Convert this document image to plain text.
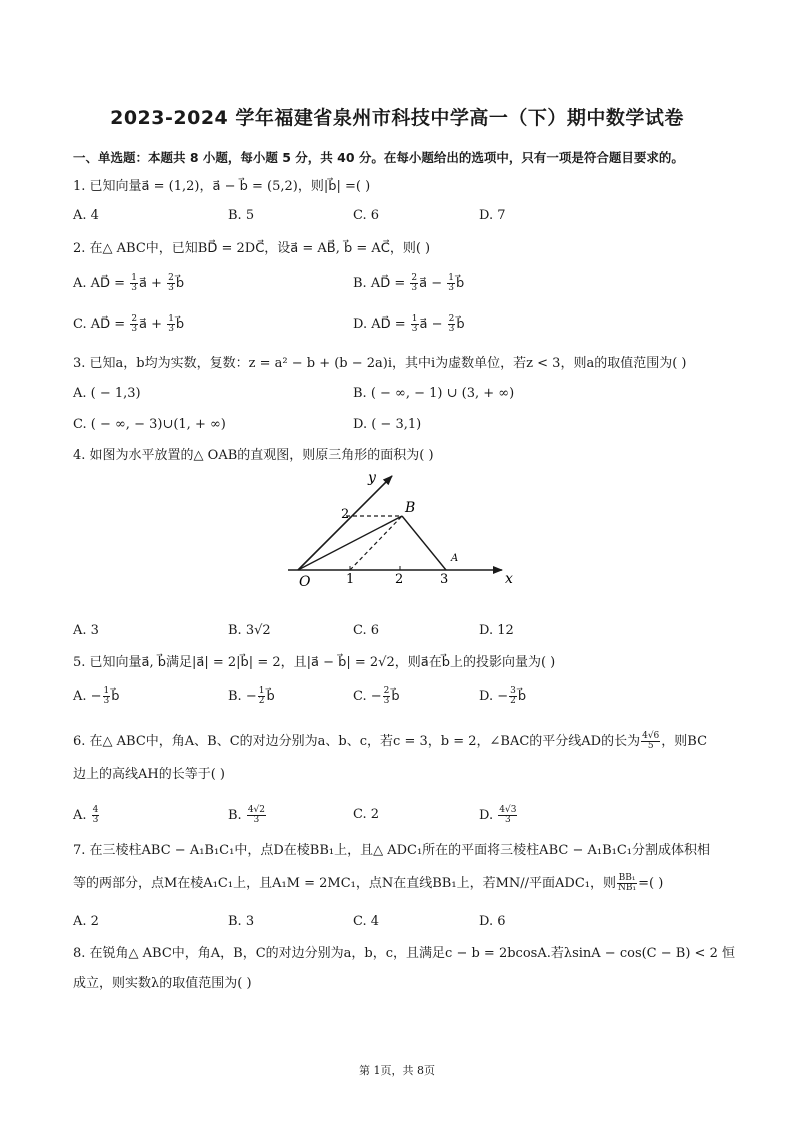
2023-2024 学年福建省泉州市科技中学高一（下）期中数学试卷
一、单选题：本题共 8 小题，每小题 5 分，共 40 分。在每小题给出的选项中，只有一项是符合题目要求的。
1. 已知向量a⃗ = (1,2)，a⃗ − b⃗ = (5,2)，则|b⃗| =( )
A. 4	B. 5	C. 6	D. 7
2. 在△ ABC中，已知BD⃗ = 2DC⃗，设a⃗ = AB⃗, b⃗ = AC⃗，则( )
A. AD⃗ = $\frac{1}{3}$ a⃗ + $\frac{2}{3}$ b⃗	B. AD⃗ = $\frac{2}{3}$ a⃗ − $\frac{1}{3}$ b⃗
C. AD⃗ = $\frac{2}{3}$ a⃗ + $\frac{1}{3}$ b⃗	D. AD⃗ = $\frac{1}{3}$ a⃗ − $\frac{2}{3}$ b⃗
3. 已知a，b均为实数，复数：z = a² − b + (b − 2a)i，其中i为虚数单位，若z < 3，则a的取值范围为( )
A. ( − 1,3)	B. ( − ∞, − 1) ∪ (3, + ∞)
C. ( − ∞, − 3)∪(1, + ∞)	D. ( − 3,1)
4. 如图为水平放置的△ OAB的直观图，则原三角形的面积为( )
x
y
O	1	2	3
2	B
A
A. 3	B. 3√2	C. 6	D. 12
5. 已知向量a⃗, b⃗满足|a⃗| = 2|b⃗| = 2，且|a⃗ − b⃗| = 2√2，则a⃗在b⃗上的投影向量为( )
A. − $\frac{1}{3}$ b⃗	B. − $\frac{1}{2}$ b⃗	C. − $\frac{2}{3}$ b⃗	D. − $\frac{3}{2}$ b⃗
6. 在△ ABC中，角A、B、C的对边分别为a、b、c，若c = 3，b = 2，∠BAC的平分线AD的长为 $\frac{4√6}{5}$ ，则BC
边上的高线AH的长等于( )
A. $\frac{4}{3}$	B. $\frac{4√2}{3}$	C. 2	D. $\frac{4√3}{3}$
7. 在三棱柱ABC − A₁B₁C₁中，点D在棱BB₁上，且△ ADC₁所在的平面将三棱柱ABC − A₁B₁C₁分割成体积相
等的两部分，点M在棱A₁C₁上，且A₁M = 2MC₁，点N在直线BB₁上，若MN//平面ADC₁，则 $\frac{\text{BB₁}}{\text{NB₁}}$ =( )
A. 2	B. 3	C. 4	D. 6
8. 在锐角△ ABC中，角A，B，C的对边分别为a，b，c，且满足c − b = 2bcosA.若λsinA − cos(C − B) < 2 恒
成立，则实数λ的取值范围为( )
第 1页，共 8页
